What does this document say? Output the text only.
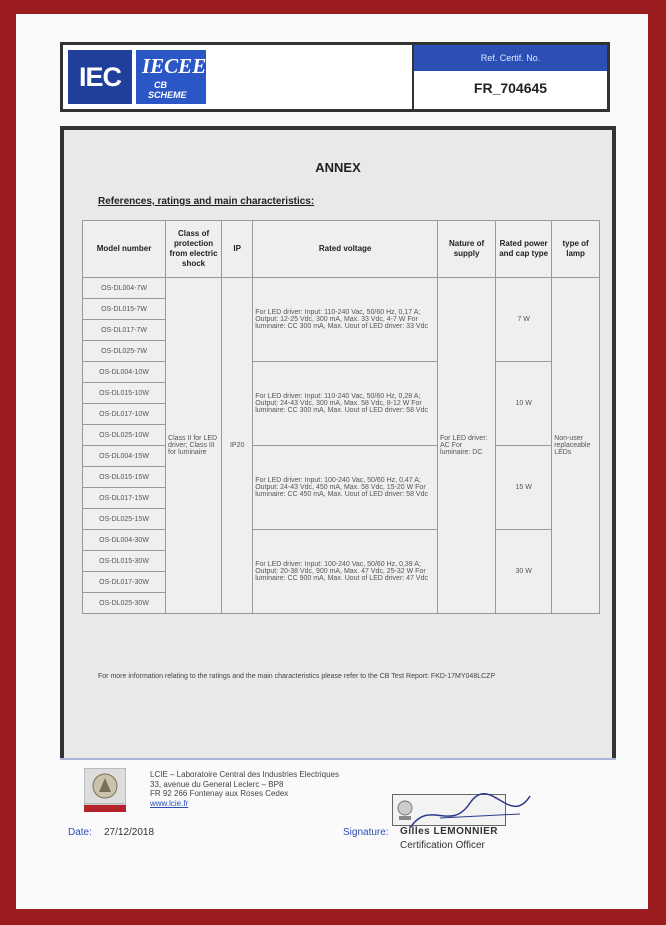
IEC	IECEE
CB
SCHEME
Ref. Certif. No.
FR_704645
ANNEX
References, ratings and main characteristics:
Model number	Class of protection from electric shock	IP	Rated voltage	Nature of supply	Rated power and cap type	type of lamp
OS-DL004-7W	Class II for LED driver; Class III for luminaire	IP20	For LED driver: Input: 110-240 Vac, 50/60 Hz, 0,17 A; Output: 12-25 Vdc, 300 mA, Max. 33 Vdc, 4-7 W For luminaire: CC 300 mA, Max. Uout of LED driver: 33 Vdc	For LED driver: AC For luminaire: DC	7 W	Non-user replaceable LEDs
OS-DL015-7W						
OS-DL017-7W						
OS-DL025-7W						
OS-DL004-10W			For LED driver: Input: 110-240 Vac, 50/60 Hz, 0,28 A; Output: 24-43 Vdc, 300 mA, Max. 58 Vdc, 8-12 W For luminaire: CC 300 mA, Max. Uout of LED driver: 58 Vdc		10 W	
OS-DL015-10W						
OS-DL017-10W						
OS-DL025-10W						
OS-DL004-15W			For LED driver: Input: 100-240 Vac, 50/60 Hz, 0,47 A; Output: 24-43 Vdc, 450 mA, Max. 58 Vdc, 15-20 W For luminaire: CC 450 mA, Max. Uout of LED driver: 58 Vdc		15 W	
OS-DL015-15W						
OS-DL017-15W						
OS-DL025-15W						
OS-DL004-30W			For LED driver: Input: 100-240 Vac, 50/60 Hz, 0,39 A; Output: 20-38 Vdc, 900 mA, Max. 47 Vdc, 25-32 W For luminaire: CC 900 mA, Max. Uout of LED driver: 47 Vdc		30 W	
OS-DL015-30W						
OS-DL017-30W						
OS-DL025-30W						
For more information relating to the ratings and the main characteristics please refer to the CB Test Report: FKD-17MY048LCZP
LCIE – Laboratoire Central des Industries Electriques
33, avenue du General Leclerc – BP8
FR 92 266 Fontenay aux Roses Cedex
www.lcie.fr
Date: 27/12/2018	Signature: Gilles LEMONNIER
Certification Officer
